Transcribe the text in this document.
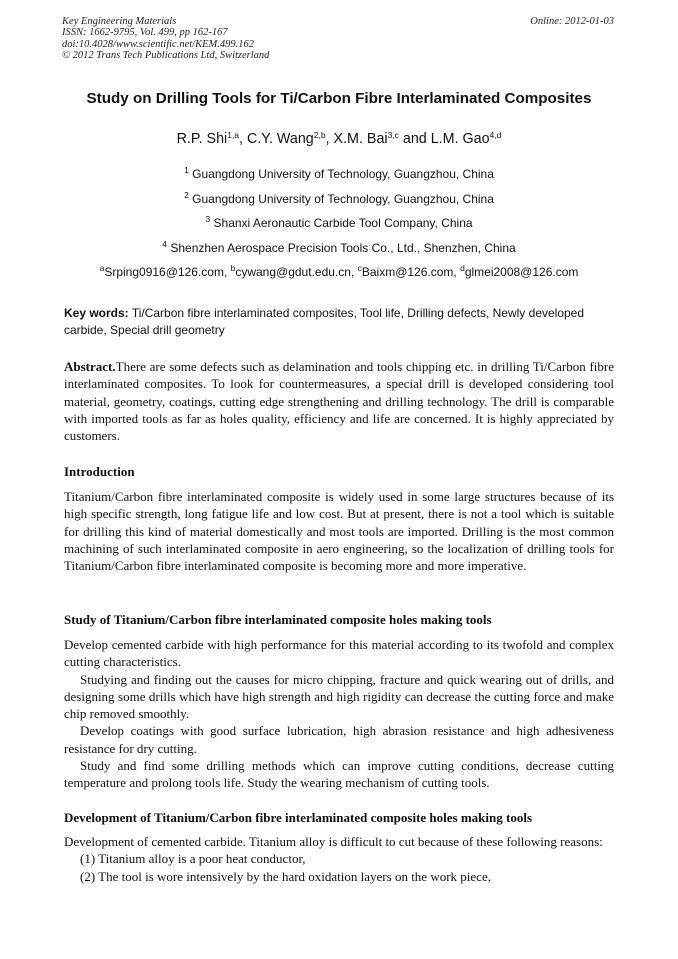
Key Engineering Materials
ISSN: 1662-9795, Vol. 499, pp 162-167
doi:10.4028/www.scientific.net/KEM.499.162
© 2012 Trans Tech Publications Ltd, Switzerland
Online: 2012-01-03
Study on Drilling Tools for Ti/Carbon Fibre Interlaminated Composites
R.P. Shi$^{1,a}$, C.Y. Wang$^{2,b}$, X.M. Bai$^{3,c}$ and L.M. Gao$^{4,d}$
$^1$ Guangdong University of Technology, Guangzhou, China
$^2$ Guangdong University of Technology, Guangzhou, China
$^3$ Shanxi Aeronautic Carbide Tool Company, China
$^4$ Shenzhen Aerospace Precision Tools Co., Ltd., Shenzhen, China
$^a$Srping0916@126.com, $^b$cywang@gdut.edu.cn, $^c$Baixm@126.com, $^d$glmei2008@126.com
Key words: Ti/Carbon fibre interlaminated composites, Tool life, Drilling defects, Newly developed carbide, Special drill geometry

Abstract.There are some defects such as delamination and tools chipping etc. in drilling Ti/Carbon fibre interlaminated composites. To look for countermeasures, a special drill is developed considering tool material, geometry, coatings, cutting edge strengthening and drilling technology. The drill is comparable with imported tools as far as holes quality, efficiency and life are concerned. It is highly appreciated by customers.

Introduction

Titanium/Carbon fibre interlaminated composite is widely used in some large structures because of its high specific strength, long fatigue life and low cost. But at present, there is not a tool which is suitable for drilling this kind of material domestically and most tools are imported. Drilling is the most common machining of such interlaminated composite in aero engineering, so the localization of drilling tools for Titanium/Carbon fibre interlaminated composite is becoming more and more imperative.

Study of Titanium/Carbon fibre interlaminated composite holes making tools

Develop cemented carbide with high performance for this material according to its twofold and complex cutting characteristics.

Studying and finding out the causes for micro chipping, fracture and quick wearing out of drills, and designing some drills which have high strength and high rigidity can decrease the cutting force and make chip removed smoothly.

Develop coatings with good surface lubrication, high abrasion resistance and high adhesiveness resistance for dry cutting.

Study and find some drilling methods which can improve cutting conditions, decrease cutting temperature and prolong tools life. Study the wearing mechanism of cutting tools.

Development of Titanium/Carbon fibre interlaminated composite holes making tools

Development of cemented carbide. Titanium alloy is difficult to cut because of these following reasons:

(1) Titanium alloy is a poor heat conductor,

(2) The tool is wore intensively by the hard oxidation layers on the work piece,
